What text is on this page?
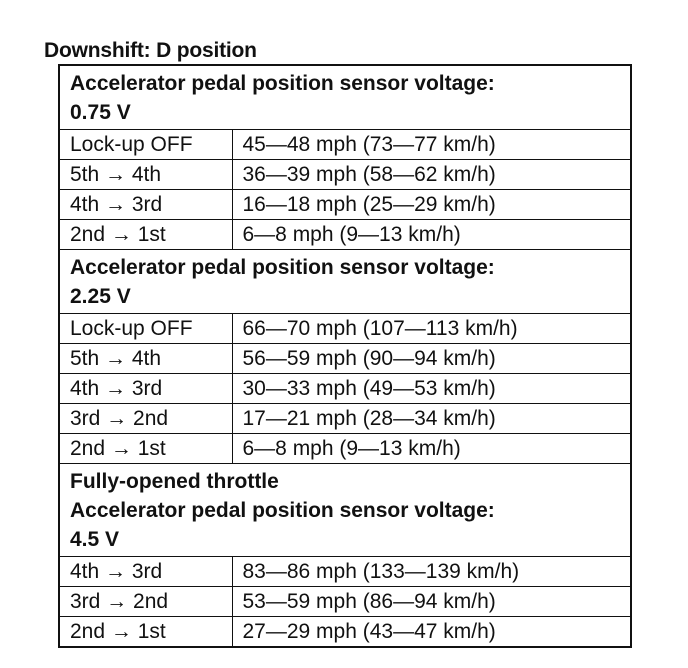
Downshift: D position
Accelerator pedal position sensor voltage:
0.75 V	

Lock-up OFF	45—48 mph (73—77 km/h)
5th → 4th	36—39 mph (58—62 km/h)
4th → 3rd	16—18 mph (25—29 km/h)
2nd → 1st	6—8 mph (9—13 km/h)

Accelerator pedal position sensor voltage:
2.25 V	

Lock-up OFF	66—70 mph (107—113 km/h)
5th → 4th	56—59 mph (90—94 km/h)
4th → 3rd	30—33 mph (49—53 km/h)
3rd → 2nd	17—21 mph (28—34 km/h)
2nd → 1st	6—8 mph (9—13 km/h)

Fully-opened throttle
Accelerator pedal position sensor voltage:
4.5 V	

4th → 3rd	83—86 mph (133—139 km/h)
3rd → 2nd	53—59 mph (86—94 km/h)
2nd → 1st	27—29 mph (43—47 km/h)
